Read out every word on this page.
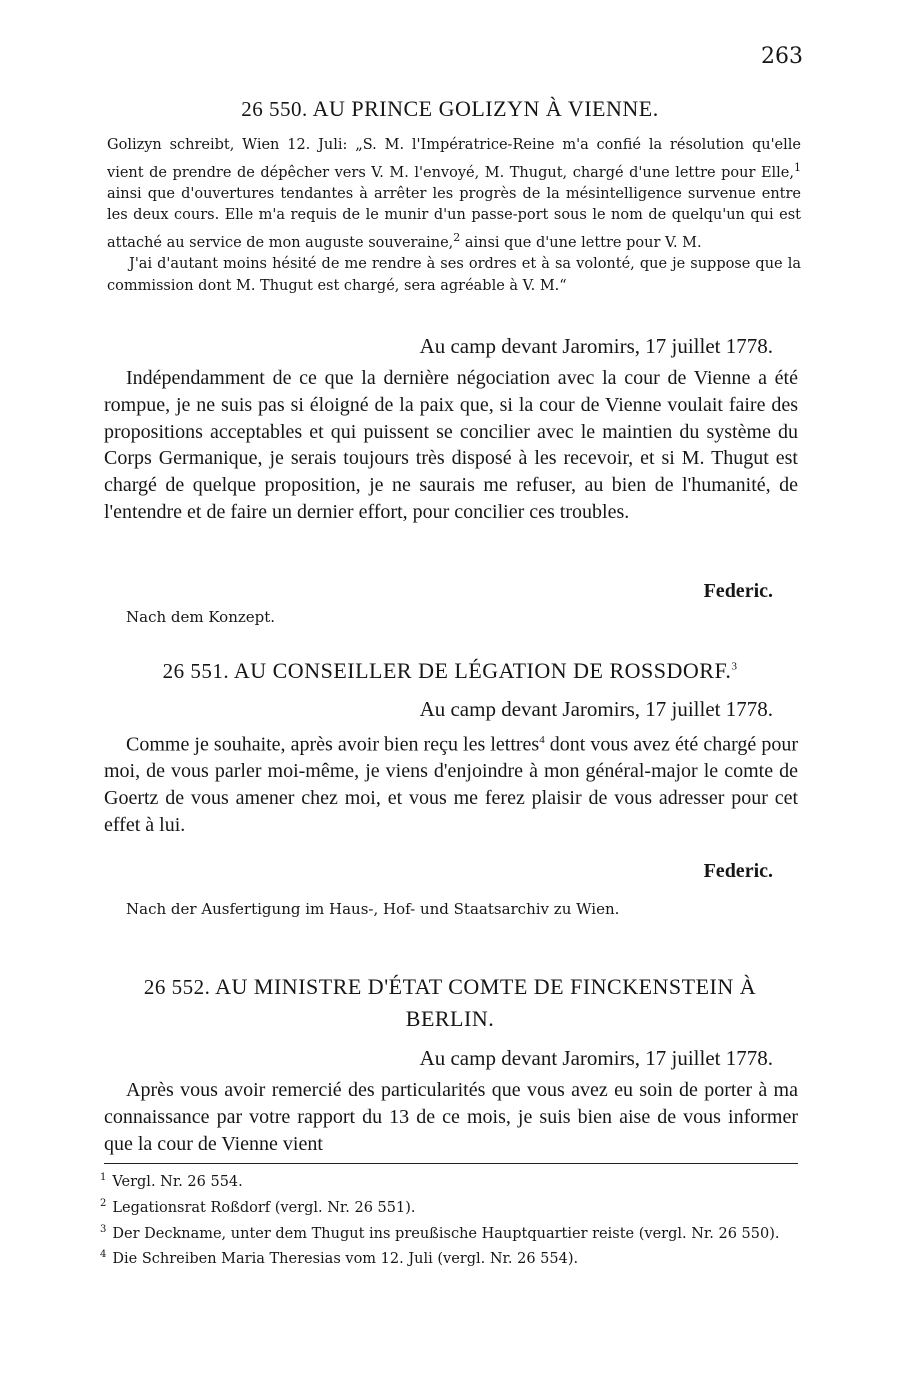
263
26 550. AU PRINCE GOLIZYN À VIENNE.

Golizyn schreibt, Wien 12. Juli: „S. M. l'Impératrice-Reine m'a confié la résolution qu'elle vient de prendre de dépêcher vers V. M. l'envoyé, M. Thugut, chargé d'une lettre pour Elle,$^1$ ainsi que d'ouvertures tendantes à arrêter les progrès de la mésintelligence survenue entre les deux cours. Elle m'a requis de le munir d'un passe-port sous le nom de quelqu'un qui est attaché au service de mon auguste souveraine,$^2$ ainsi que d'une lettre pour V. M.

J'ai d'autant moins hésité de me rendre à ses ordres et à sa volonté, que je suppose que la commission dont M. Thugut est chargé, sera agréable à V. M.“

Au camp devant Jaromirs, 17 juillet 1778.

Indépendamment de ce que la dernière négociation avec la cour de Vienne a été rompue, je ne suis pas si éloigné de la paix que, si la cour de Vienne voulait faire des propositions acceptables et qui puissent se concilier avec le maintien du système du Corps Germanique, je serais toujours très disposé à les recevoir, et si M. Thugut est chargé de quelque proposition, je ne saurais me refuser, au bien de l'humanité, de l'entendre et de faire un dernier effort, pour concilier ces troubles.

Federic.
Nach dem Konzept.
26 551. AU CONSEILLER DE LÉGATION DE ROSSDORF.$^3$
Au camp devant Jaromirs, 17 juillet 1778.

Comme je souhaite, après avoir bien reçu les lettres$^4$ dont vous avez été chargé pour moi, de vous parler moi-même, je viens d'enjoindre à mon général-major le comte de Goertz de vous amener chez moi, et vous me ferez plaisir de vous adresser pour cet effet à lui.

Federic.
Nach der Ausfertigung im Haus-, Hof- und Staatsarchiv zu Wien.
26 552. AU MINISTRE D'ÉTAT COMTE DE FINCKENSTEIN À
BERLIN.
Au camp devant Jaromirs, 17 juillet 1778.

Après vous avoir remercié des particularités que vous avez eu soin de porter à ma connaissance par votre rapport du 13 de ce mois, je suis bien aise de vous informer que la cour de Vienne vient

$^1$ Vergl. Nr. 26 554.

$^2$ Legationsrat Roßdorf (vergl. Nr. 26 551).

$^3$ Der Deckname, unter dem Thugut ins preußische Hauptquartier reiste (vergl. Nr. 26 550).

$^4$ Die Schreiben Maria Theresias vom 12. Juli (vergl. Nr. 26 554).
